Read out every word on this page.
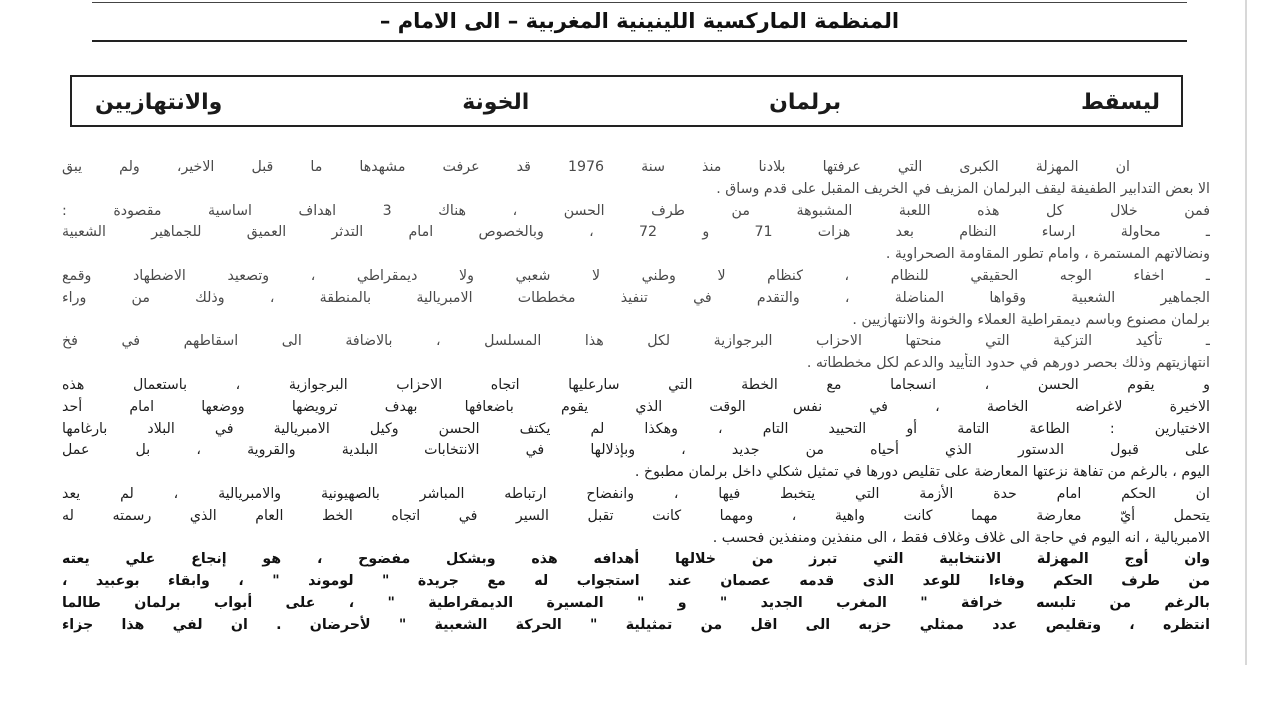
المنظمة الماركسية اللينينية المغربية – الى الامام –
ليسقط برلمان الخونة والانتهازيين
ان المهزلة الكبرى التي عرفتها بلادنا منذ سنة 1976 قد عرفت مشهدها ما قبل الاخير، ولم يبق
الا بعض التدابير الطفيفة ليقف البرلمان المزيف في الخريف المقبل على قدم وساق .
فمن خلال كل هذه اللعبة المشبوهة من طرف الحسن ، هناك 3 اهداف اساسية مقصودة :
ـ محاولة ارساء النظام بعد هزات 71 و 72 ، وبالخصوص امام التدثر العميق للجماهير الشعبية
ونضالاتهم المستمرة ، وامام تطور المقاومة الصحراوية .
ـ اخفاء الوجه الحقيقي للنظام ، كنظام لا وطني لا شعبي ولا ديمقراطي ، وتصعيد الاضطهاد وقمع
الجماهير الشعبية وقواها المناضلة ، والتقدم في تنفيذ مخططات الامبريالية بالمنطقة ، وذلك من وراء
برلمان مصنوع وباسم ديمقراطية العملاء والخونة والانتهازيين .
ـ تأكيد التزكية التي منحتها الاحزاب البرجوازية لكل هذا المسلسل ، بالاضافة الى اسقاطهم في فخ
انتهازيتهم وذلك بحصر دورهم في حدود التأييد والدعم لكل مخططاته .
و يقوم الحسن ، انسجاما مع الخطة التي سارعليها اتجاه الاحزاب البرجوازية ، باستعمال هذه
الاخيرة لاغراضه الخاصة ، في نفس الوقت الذي يقوم باضعافها بهدف ترويضها ووضعها امام أحد
الاختيارين : الطاعة التامة أو التحييد التام ، وهكذا لم يكتف الحسن وكيل الامبريالية في البلاد بارغامها
على قبول الدستور الذي أحياه من جديد ، وبإذلالها في الانتخابات البلدية والقروية ، بل عمل
اليوم ، بالرغم من تفاهة نزعتها المعارضة على تقليص دورها في تمثيل شكلي داخل برلمان مطبوخ .
ان الحكم امام حدة الأزمة التي يتخبط فيها ، وانفضاح ارتباطه المباشر بالصهيونية والامبريالية ، لم يعد
يتحمل أيّ معارضة مهما كانت واهية ، ومهما كانت تقبل السير في اتجاه الخط العام الذي رسمته له
الامبريالية ، انه اليوم في حاجة الى غلاف وغلاف فقط ، الى منفذين ومنفذين فحسب .
وان أوج المهزلة الانتخابية التي تبرز من خلالها أهدافه هذه وبشكل مفضوح ، هو إنجاع علي يعته
من طرف الحكم وفاءا للوعد الذى قدمه عصمان عند استجواب له مع جريدة " لوموند " ، وابقاء بوعبيد ،
بالرغم من تلبسه خرافة " المغرب الجديد " و " المسيرة الديمقراطية " ، على أبواب برلمان طالما
انتظره ، وتقليص عدد ممثلي حزبه الى اقل من تمثيلية " الحركة الشعبية " لأحرضان . ان لفي هذا جزاء
